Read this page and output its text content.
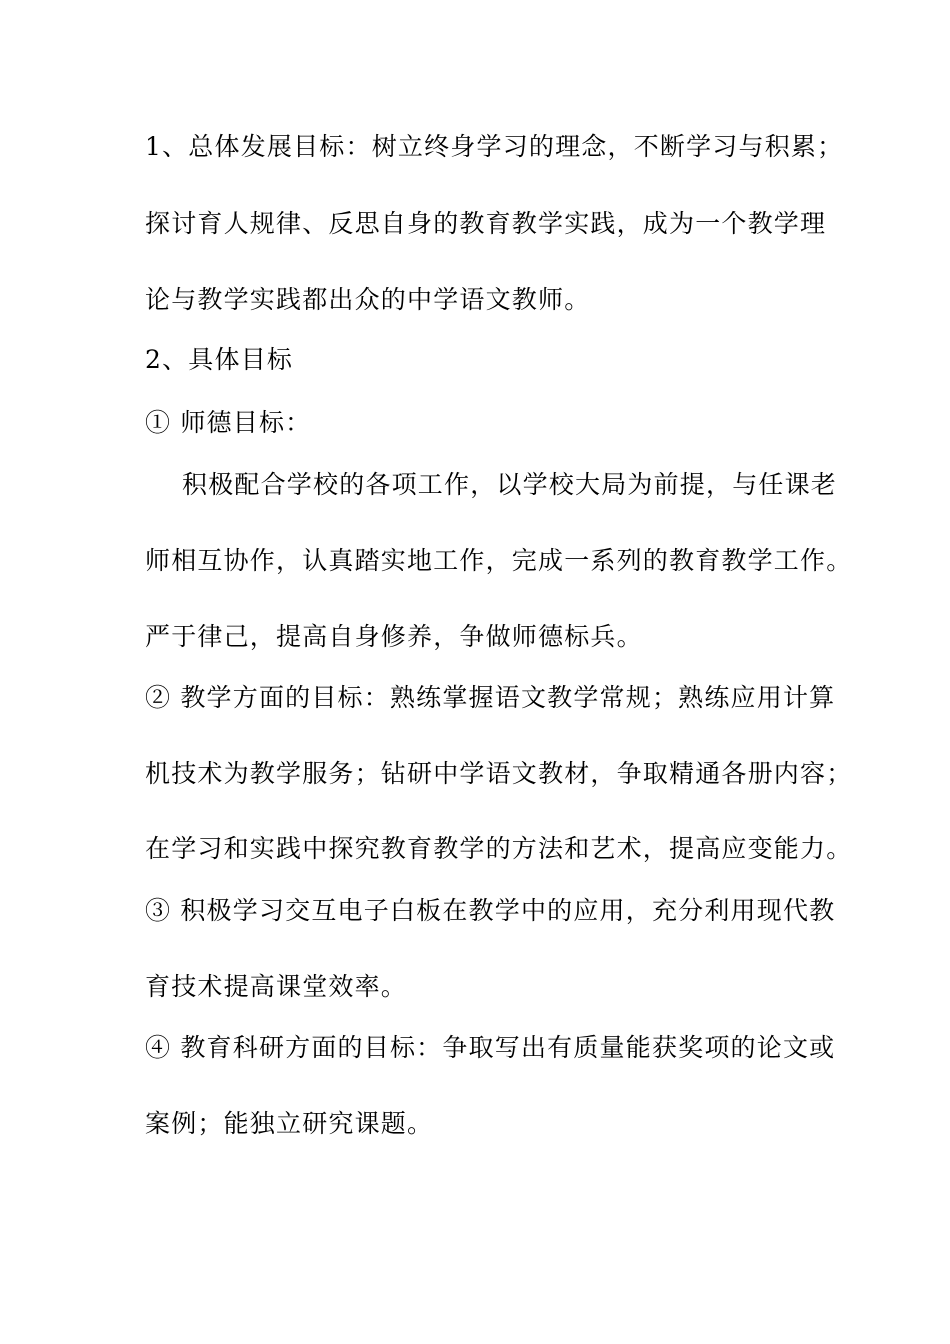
1、总体发展目标：树立终身学习的理念，不断学习与积累；
探讨育人规律、反思自身的教育教学实践，成为一个教学理
论与教学实践都出众的中学语文教师。
2、具体目标
① 师德目标：
积极配合学校的各项工作，以学校大局为前提，与任课老
师相互协作，认真踏实地工作，完成一系列的教育教学工作。
严于律己，提高自身修养，争做师德标兵。
② 教学方面的目标：熟练掌握语文教学常规；熟练应用计算
机技术为教学服务；钻研中学语文教材，争取精通各册内容；
在学习和实践中探究教育教学的方法和艺术，提高应变能力。
③ 积极学习交互电子白板在教学中的应用，充分利用现代教
育技术提高课堂效率。
④ 教育科研方面的目标：争取写出有质量能获奖项的论文或
案例；能独立研究课题。
